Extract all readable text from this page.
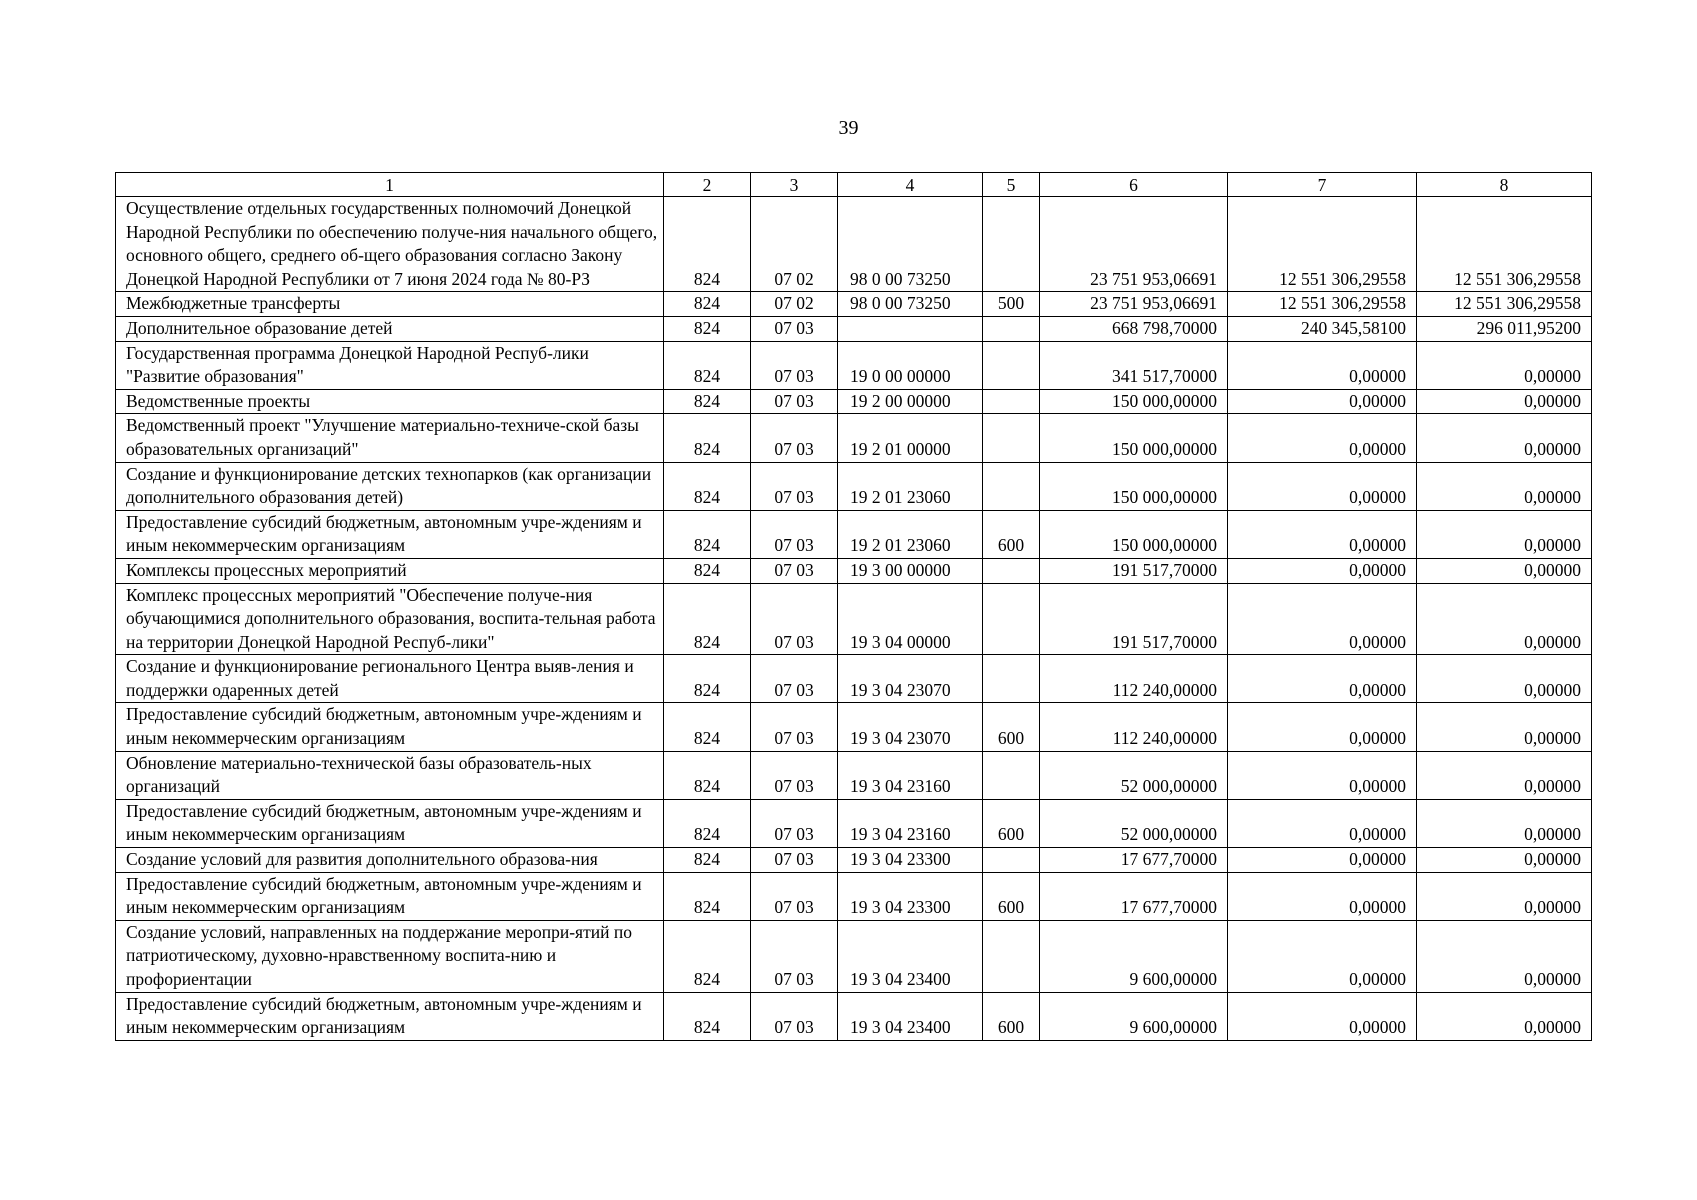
39
1	2	3	4	5	6	7	8
Осуществление отдельных государственных полномочий Донецкой Народной Республики по обеспечению получе-ния начального общего, основного общего, среднего об-щего образования согласно Закону Донецкой Народной Республики от 7 июня 2024 года № 80-РЗ	824	07 02	98 0 00 73250		23 751 953,06691	12 551 306,29558	12 551 306,29558
Межбюджетные трансферты	824	07 02	98 0 00 73250	500	23 751 953,06691	12 551 306,29558	12 551 306,29558
Дополнительное образование детей	824	07 03			668 798,70000	240 345,58100	296 011,95200
Государственная программа Донецкой Народной Респуб-лики "Развитие образования"	824	07 03	19 0 00 00000		341 517,70000	0,00000	0,00000
Ведомственные проекты	824	07 03	19 2 00 00000		150 000,00000	0,00000	0,00000
Ведомственный проект "Улучшение материально-техниче-ской базы образовательных организаций"	824	07 03	19 2 01 00000		150 000,00000	0,00000	0,00000
Создание и функционирование детских технопарков (как организации дополнительного образования детей)	824	07 03	19 2 01 23060		150 000,00000	0,00000	0,00000
Предоставление субсидий бюджетным, автономным учре-ждениям и иным некоммерческим организациям	824	07 03	19 2 01 23060	600	150 000,00000	0,00000	0,00000
Комплексы процессных мероприятий	824	07 03	19 3 00 00000		191 517,70000	0,00000	0,00000
Комплекс процессных мероприятий "Обеспечение получе-ния обучающимися дополнительного образования, воспита-тельная работа на территории Донецкой Народной Респуб-лики"	824	07 03	19 3 04 00000		191 517,70000	0,00000	0,00000
Создание и функционирование регионального Центра выяв-ления и поддержки одаренных детей	824	07 03	19 3 04 23070		112 240,00000	0,00000	0,00000
Предоставление субсидий бюджетным, автономным учре-ждениям и иным некоммерческим организациям	824	07 03	19 3 04 23070	600	112 240,00000	0,00000	0,00000
Обновление материально-технической базы образователь-ных организаций	824	07 03	19 3 04 23160		52 000,00000	0,00000	0,00000
Предоставление субсидий бюджетным, автономным учре-ждениям и иным некоммерческим организациям	824	07 03	19 3 04 23160	600	52 000,00000	0,00000	0,00000
Создание условий для развития дополнительного образова-ния	824	07 03	19 3 04 23300		17 677,70000	0,00000	0,00000
Предоставление субсидий бюджетным, автономным учре-ждениям и иным некоммерческим организациям	824	07 03	19 3 04 23300	600	17 677,70000	0,00000	0,00000
Создание условий, направленных на поддержание меропри-ятий по патриотическому, духовно-нравственному воспита-нию и профориентации	824	07 03	19 3 04 23400		9 600,00000	0,00000	0,00000
Предоставление субсидий бюджетным, автономным учре-ждениям и иным некоммерческим организациям	824	07 03	19 3 04 23400	600	9 600,00000	0,00000	0,00000
